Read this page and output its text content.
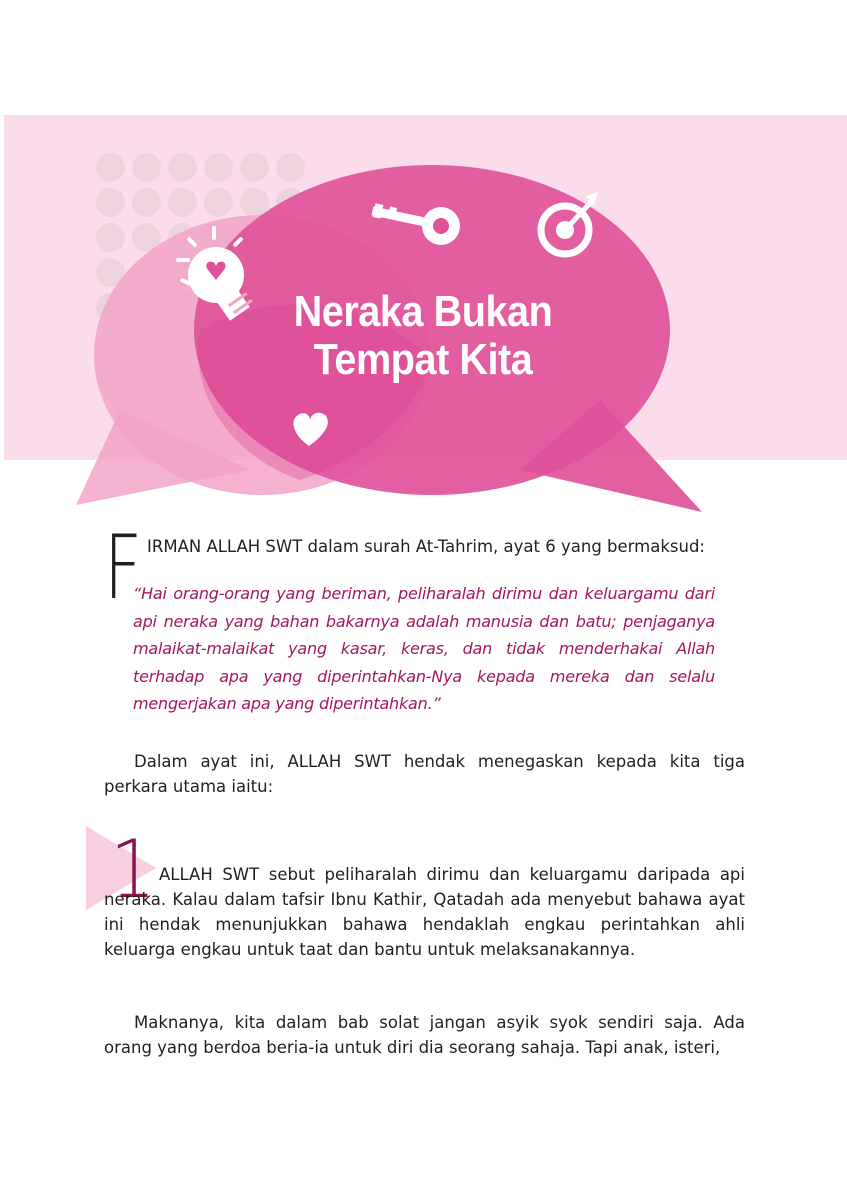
Neraka Bukan
Tempat Kita
F IRMAN ALLAH SWT dalam surah At-Tahrim, ayat 6 yang bermaksud:
“Hai orang-orang yang beriman, peliharalah dirimu dan keluargamu dari api neraka yang bahan bakarnya adalah manusia dan batu; penjaganya malaikat-malaikat yang kasar, keras, dan tidak menderhakai Allah terhadap apa yang diperintahkan-Nya kepada mereka dan selalu mengerjakan apa yang diperintahkan.”
Dalam ayat ini, ALLAH SWT hendak menegaskan kepada kita tiga perkara utama iaitu:
1 ALLAH SWT sebut peliharalah dirimu dan keluargamu daripada api neraka. Kalau dalam tafsir Ibnu Kathir, Qatadah ada menyebut bahawa ayat ini hendak menunjukkan bahawa hendaklah engkau perintahkan ahli keluarga engkau untuk taat dan bantu untuk melaksanakannya.
Maknanya, kita dalam bab solat jangan asyik syok sendiri saja. Ada orang yang berdoa beria-ia untuk diri dia seorang sahaja. Tapi anak, isteri,
